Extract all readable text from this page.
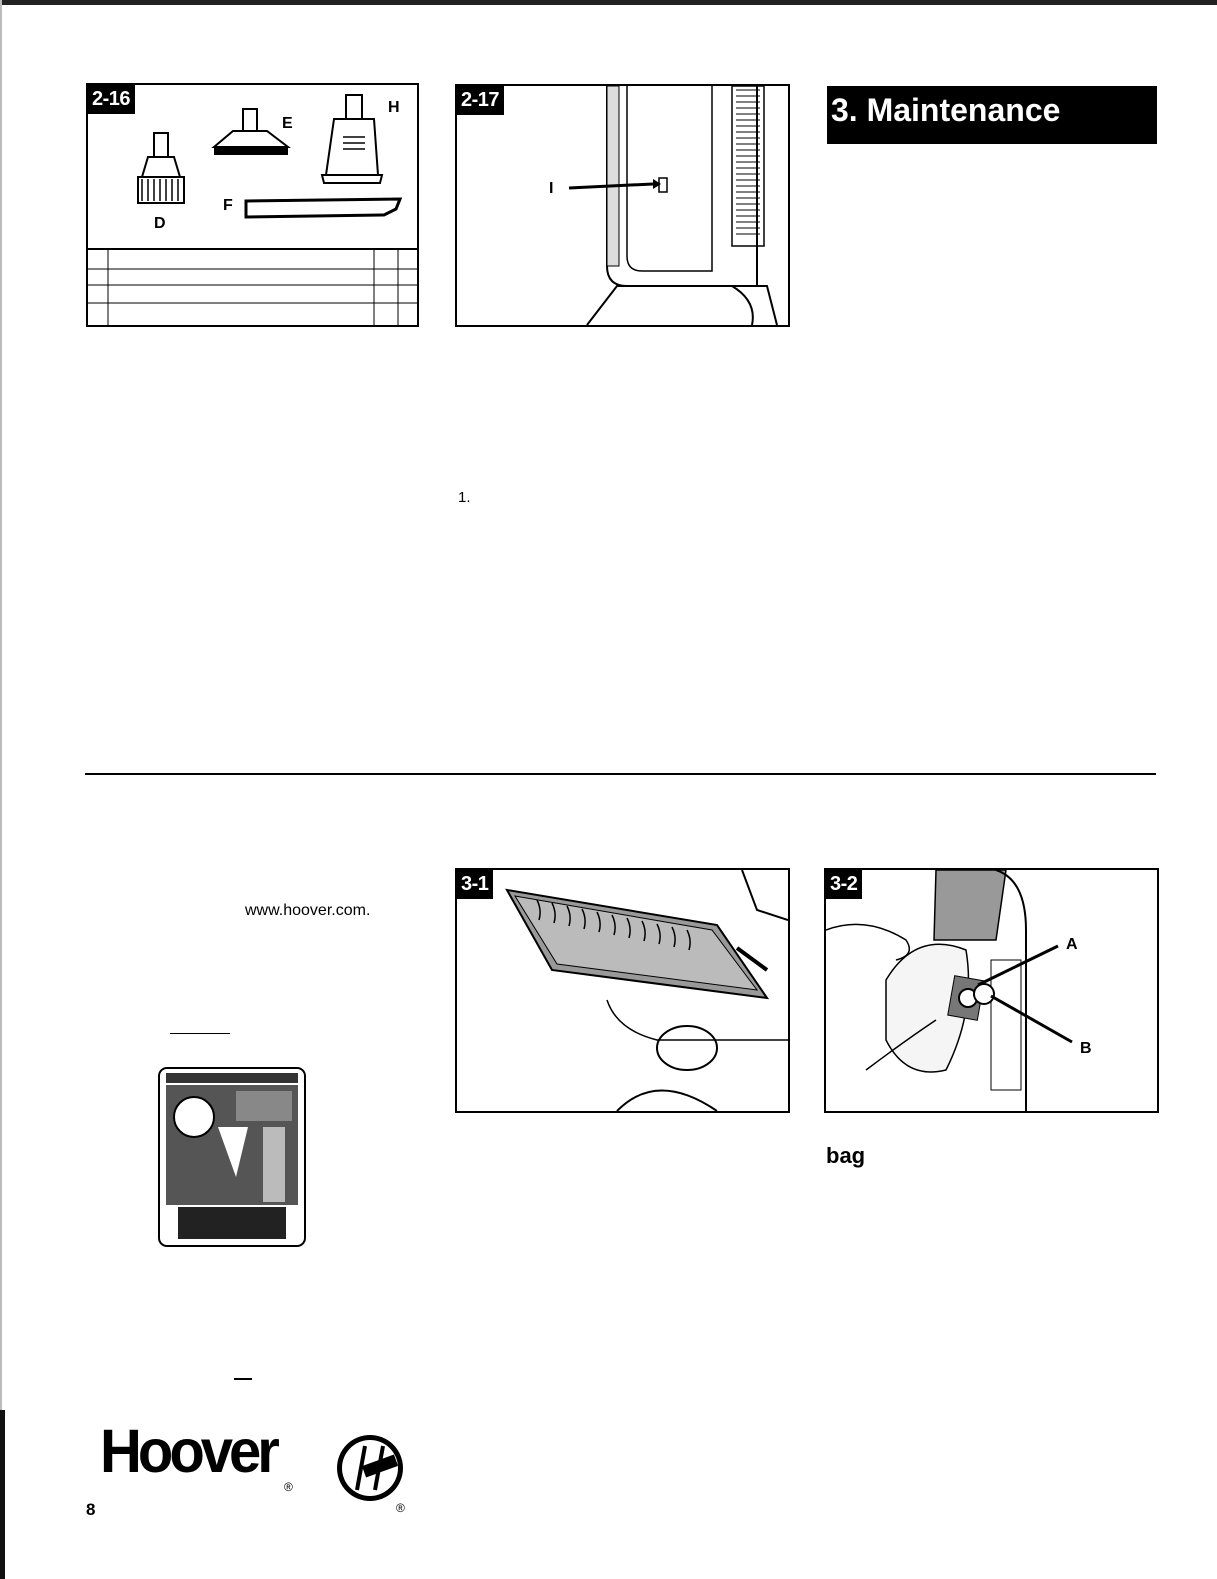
2-16
D
E
F
H	2-17
I
3. Maintenance
1.
www.hoover.com.
3-1	3-2
A
B
bag
Hoover
®
®
8
